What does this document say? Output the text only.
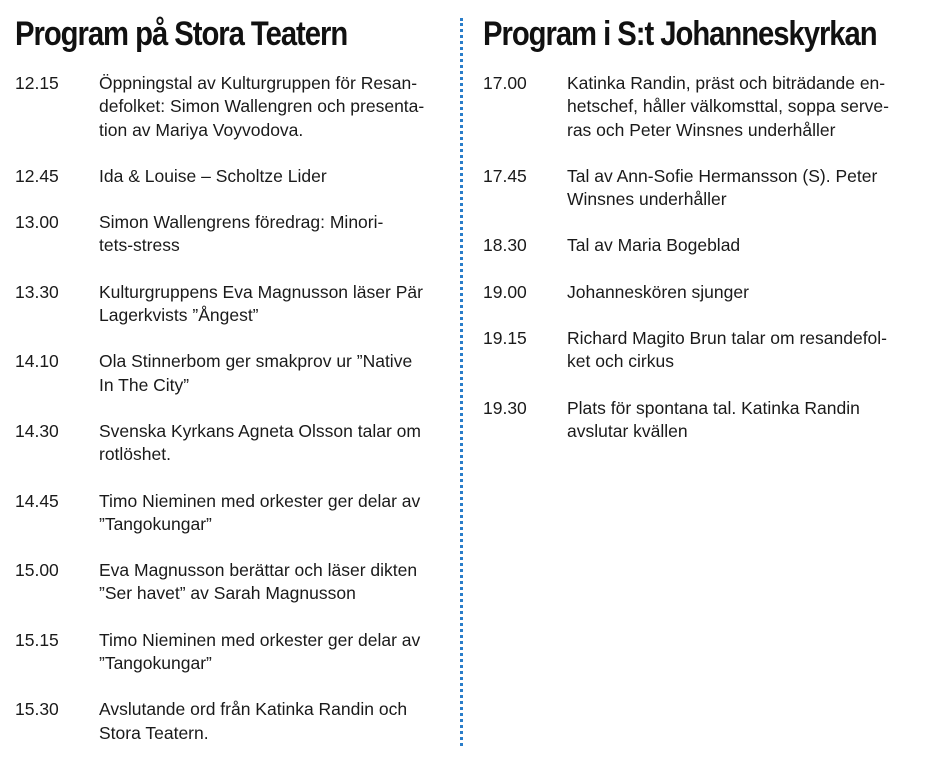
Program på Stora Teatern
12.15	Öppningstal av Kulturgruppen för Resan-
defolket: Simon Wallengren och presenta-
tion av Mariya Voyvodova.
12.45	Ida & Louise – Scholtze Lider
13.00	Simon Wallengrens föredrag: Minori-
tets-stress
13.30	Kulturgruppens Eva Magnusson läser Pär
Lagerkvists ”Ångest”
14.10	Ola Stinnerbom ger smakprov ur ”Native
In The City”
14.30	Svenska Kyrkans Agneta Olsson talar om
rotlöshet.
14.45	Timo Nieminen med orkester ger delar av
”Tangokungar”
15.00	Eva Magnusson berättar och läser dikten
”Ser havet” av Sarah Magnusson
15.15	Timo Nieminen med orkester ger delar av
”Tangokungar”
15.30	Avslutande ord från Katinka Randin och
Stora Teatern.
Program i S:t Johanneskyrkan
17.00	Katinka Randin, präst och biträdande en-
hetschef, håller välkomsttal, soppa serve-
ras och Peter Winsnes underhåller
17.45	Tal av Ann-Sofie Hermansson (S). Peter
Winsnes underhåller
18.30	Tal av Maria Bogeblad
19.00	Johanneskören sjunger
19.15	Richard Magito Brun talar om resandefol-
ket och cirkus
19.30	Plats för spontana tal. Katinka Randin
avslutar kvällen
